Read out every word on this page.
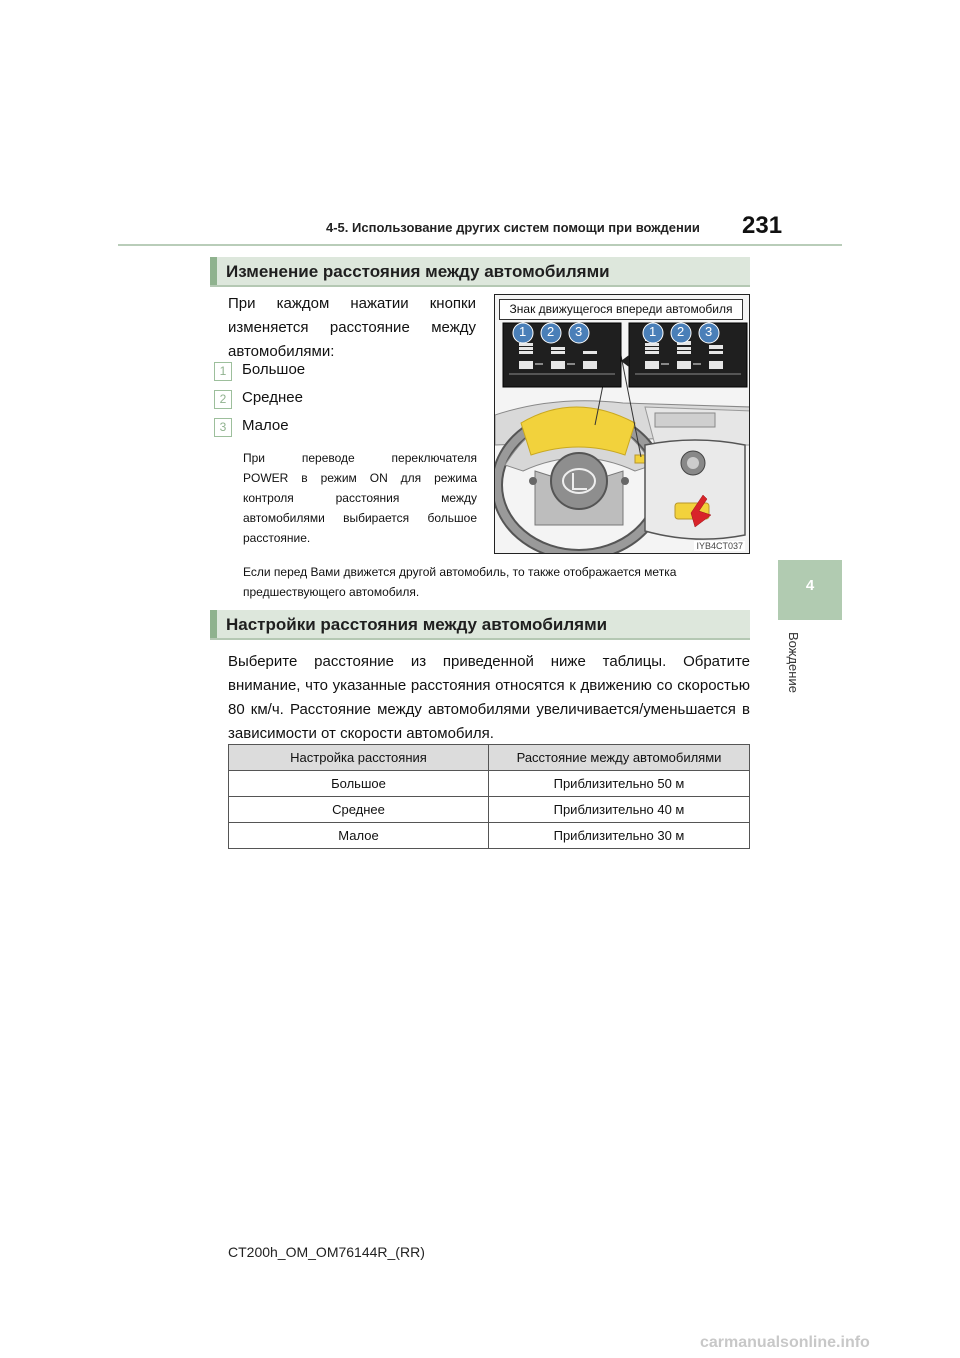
4-5. Использование других систем помощи при вождении 231
4
Вождение
Изменение расстояния между автомобилями
При каждом нажатии кнопки
изменяется расстояние между
автомобилями:
1	Большое
2	Среднее
3	Малое
При переводе переключателя
POWER в режим ON для режима
контроля расстояния между
автомобилями выбирается большое
расстояние.
Если перед Вами движется другой автомобиль, то также отображается метка предшествующего автомобиля.
Знак движущегося впереди автомобиля
IYB4CT037
1 2 3	1 2 3
Настройки расстояния между автомобилями
Выберите расстояние из приведенной ниже таблицы. Обратите внимание, что указанные расстояния относятся к движению со скоростью 80 км/ч. Расстояние между автомобилями увеличивается/уменьшается в зависимости от скорости автомобиля.
Настройка расстояния	Расстояние между автомобилями
Большое	Приблизительно 50 м
Среднее	Приблизительно 40 м
Малое	Приблизительно 30 м
CT200h_OM_OM76144R_(RR)
carmanualsonline.info
